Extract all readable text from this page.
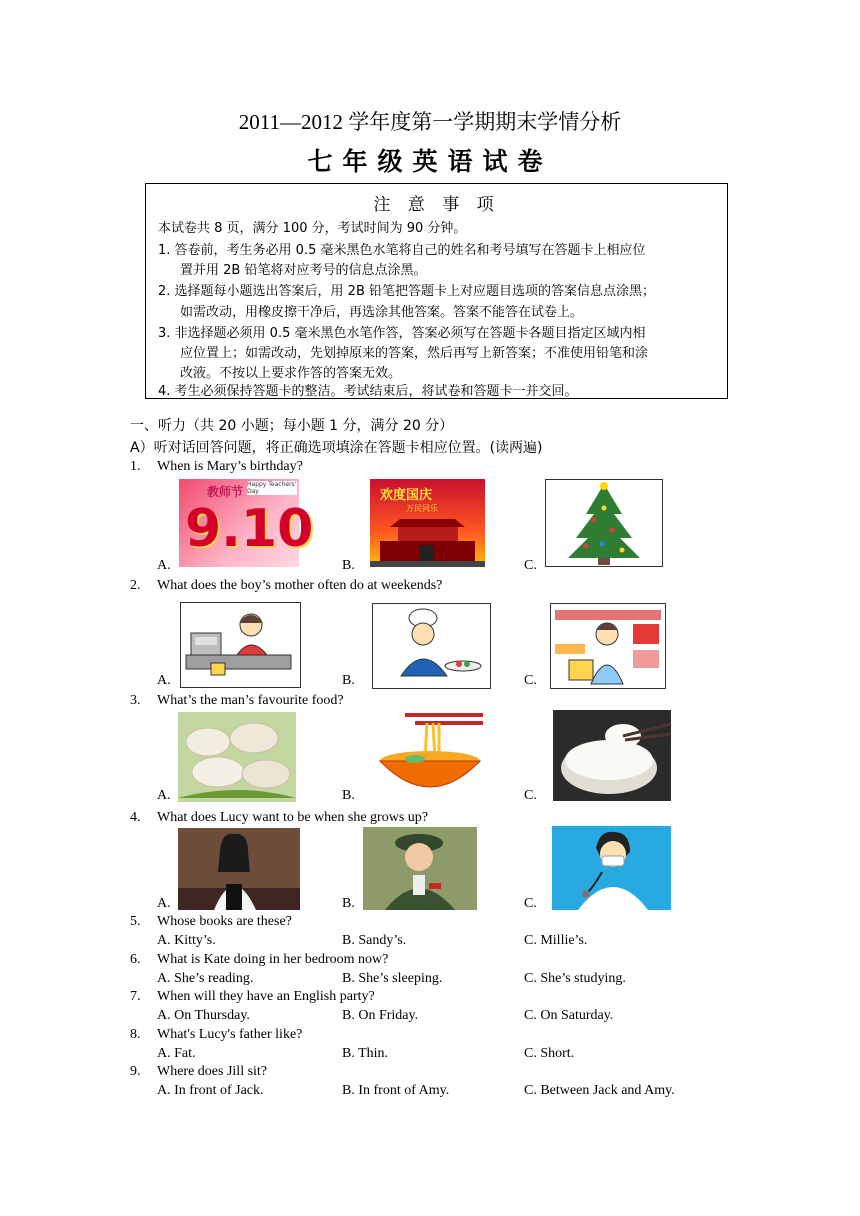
2011—2012 学年度第一学期期末学情分析
七年级英语试卷
注 意 事 项
本试卷共 8 页，满分 100 分，考试时间为 90 分钟。
1. 答卷前，考生务必用 0.5 毫米黑色水笔将自己的姓名和考号填写在答题卡上相应位
置并用 2B 铅笔将对应考号的信息点涂黑。
2. 选择题每小题选出答案后，用 2B 铅笔把答题卡上对应题目选项的答案信息点涂黑；
如需改动，用橡皮擦干净后，再选涂其他答案。答案不能答在试卷上。
3. 非选择题必须用 0.5 毫米黑色水笔作答，答案必须写在答题卡各题目指定区域内相
应位置上；如需改动，先划掉原来的答案，然后再写上新答案；不准使用铅笔和涂
改液。不按以上要求作答的答案无效。
4. 考生必须保持答题卡的整洁。考试结束后，将试卷和答题卡一并交回。
一、听力（共 20 小题；每小题 1 分，满分 20 分）
A）听对话回答问题，将正确选项填涂在答题卡相应位置。(读两遍)
1. When is Mary’s birthday?
教师节
Happy Teachers' Day
9.10
欢度国庆
万民同乐
A.	B.	C.
2. What does the boy’s mother often do at weekends?
A.	B.	C.
3. What’s the man’s favourite food?
A.	B.	C.
4. What does Lucy want to be when she grows up?
A.	B.	C.
5. Whose books are these?
A. Kitty’s.	B. Sandy’s.	C. Millie’s.
6. What is Kate doing in her bedroom now?
A. She’s reading.	B. She’s sleeping.	C. She’s studying.
7. When will they have an English party?
A. On Thursday.	B. On Friday.	C. On Saturday.
8. What's Lucy's father like?
A. Fat.	B. Thin.	C. Short.
9. Where does Jill sit?
A. In front of Jack.	B. In front of Amy.	C. Between Jack and Amy.
